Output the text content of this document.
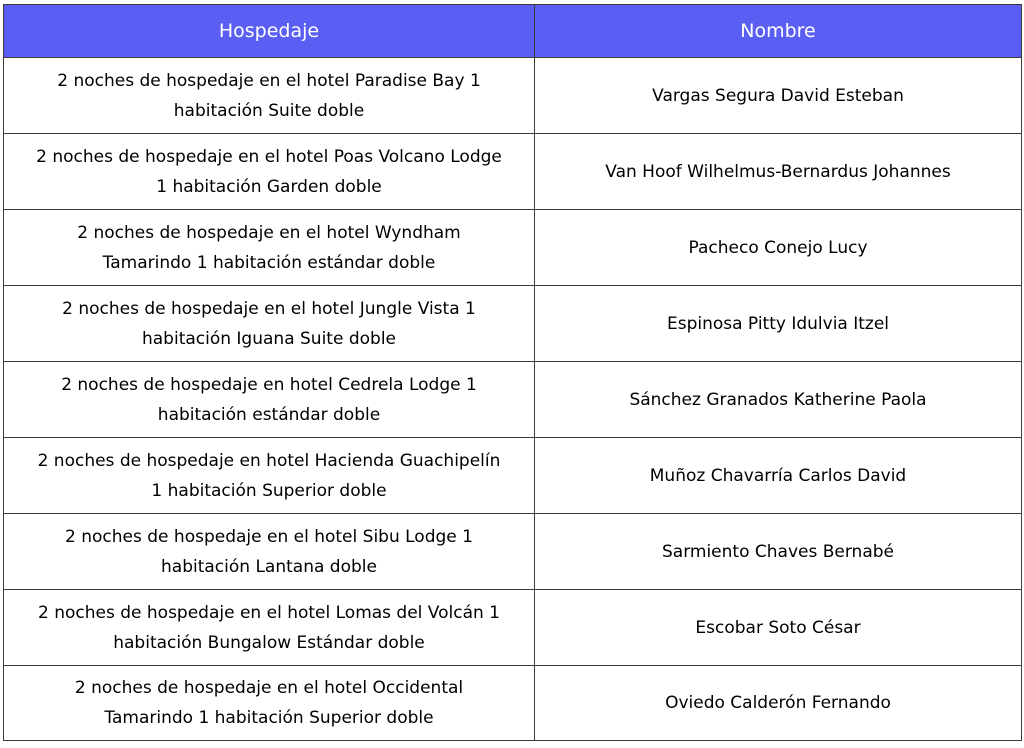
Hospedaje	Nombre

2 noches de hospedaje en el hotel Paradise Bay 1
habitación Suite doble	Vargas Segura David Esteban

2 noches de hospedaje en el hotel Poas Volcano Lodge
1 habitación Garden doble	Van Hoof Wilhelmus-Bernardus Johannes

2 noches de hospedaje en el hotel Wyndham
Tamarindo 1 habitación estándar doble	Pacheco Conejo Lucy

2 noches de hospedaje en el hotel Jungle Vista 1
habitación Iguana Suite doble	Espinosa Pitty Idulvia Itzel

2 noches de hospedaje en hotel Cedrela Lodge 1
habitación estándar doble	Sánchez Granados Katherine Paola

2 noches de hospedaje en hotel Hacienda Guachipelín
1 habitación Superior doble	Muñoz Chavarría Carlos David

2 noches de hospedaje en el hotel Sibu Lodge 1
habitación Lantana doble	Sarmiento Chaves Bernabé

2 noches de hospedaje en el hotel Lomas del Volcán 1
habitación Bungalow Estándar doble	Escobar Soto César

2 noches de hospedaje en el hotel Occidental
Tamarindo 1 habitación Superior doble	Oviedo Calderón Fernando
